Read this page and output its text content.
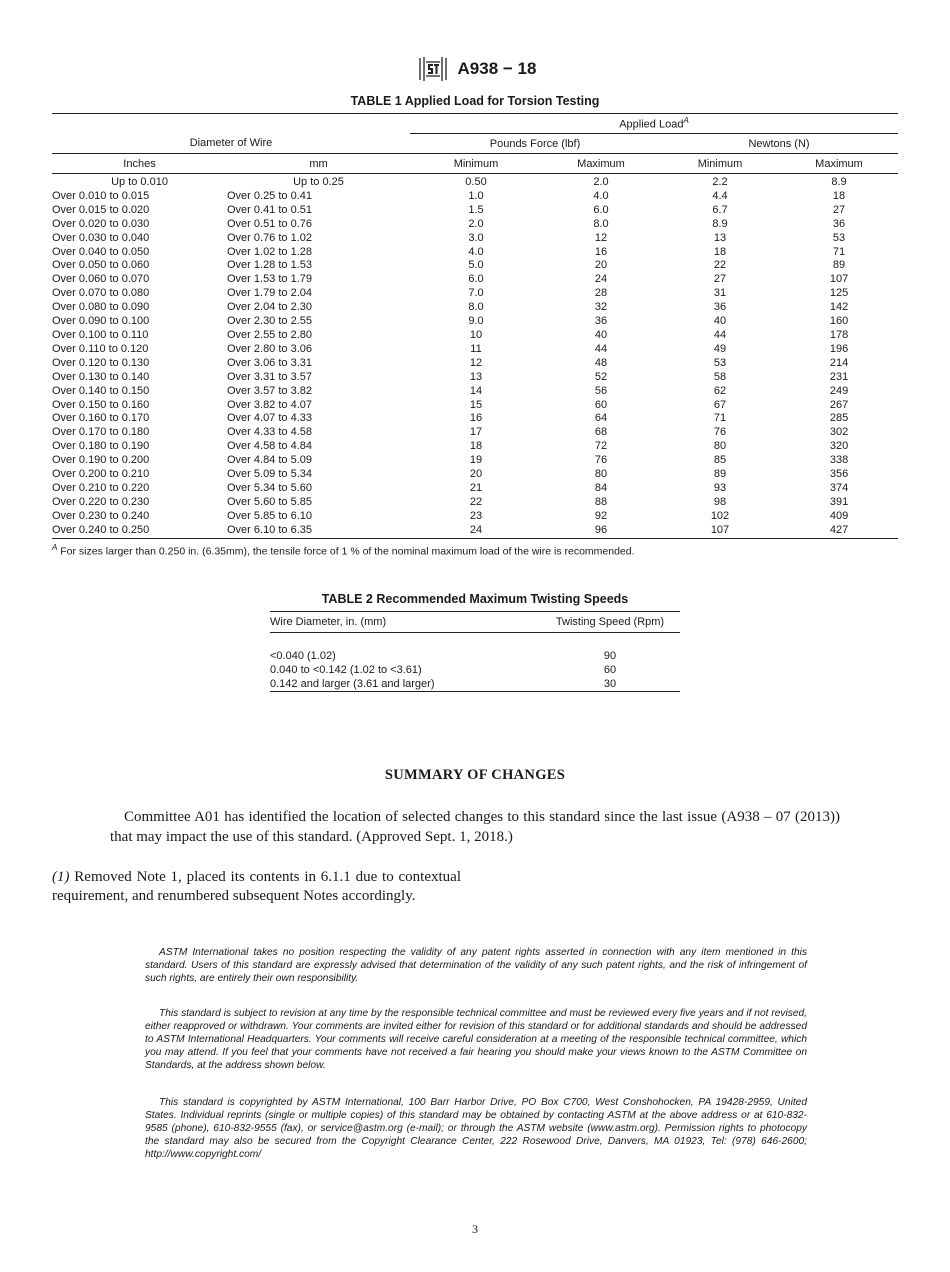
A938 − 18
TABLE 1 Applied Load for Torsion Testing
		Applied Load$^A$
Diameter of Wire		Pounds Force (lbf)		Newtons (N)	
Inches	mm	Minimum	Maximum	Minimum	Maximum
Up to 0.010	Up to 0.25	0.50	2.0	2.2	8.9
Over 0.010 to 0.015	Over 0.25 to 0.41	1.0	4.0	4.4	18
Over 0.015 to 0.020	Over 0.41 to 0.51	1.5	6.0	6.7	27
Over 0.020 to 0.030	Over 0.51 to 0.76	2.0	8.0	8.9	36
Over 0.030 to 0.040	Over 0.76 to 1.02	3.0	12	13	53
Over 0.040 to 0.050	Over 1.02 to 1.28	4.0	16	18	71
Over 0.050 to 0.060	Over 1.28 to 1.53	5.0	20	22	89
Over 0.060 to 0.070	Over 1.53 to 1.79	6.0	24	27	107
Over 0.070 to 0.080	Over 1.79 to 2.04	7.0	28	31	125
Over 0.080 to 0.090	Over 2.04 to 2.30	8.0	32	36	142
Over 0.090 to 0.100	Over 2.30 to 2.55	9.0	36	40	160
Over 0.100 to 0.110	Over 2.55 to 2.80	10	40	44	178
Over 0.110 to 0.120	Over 2.80 to 3.06	11	44	49	196
Over 0.120 to 0.130	Over 3.06 to 3.31	12	48	53	214
Over 0.130 to 0.140	Over 3.31 to 3.57	13	52	58	231
Over 0.140 to 0.150	Over 3.57 to 3.82	14	56	62	249
Over 0.150 to 0.160	Over 3.82 to 4.07	15	60	67	267
Over 0.160 to 0.170	Over 4.07 to 4.33	16	64	71	285
Over 0.170 to 0.180	Over 4.33 to 4.58	17	68	76	302
Over 0.180 to 0.190	Over 4.58 to 4.84	18	72	80	320
Over 0.190 to 0.200	Over 4.84 to 5.09	19	76	85	338
Over 0.200 to 0.210	Over 5.09 to 5.34	20	80	89	356
Over 0.210 to 0.220	Over 5.34 to 5.60	21	84	93	374
Over 0.220 to 0.230	Over 5.60 to 5.85	22	88	98	391
Over 0.230 to 0.240	Over 5.85 to 6.10	23	92	102	409
Over 0.240 to 0.250	Over 6.10 to 6.35	24	96	107	427
$^A$ For sizes larger than 0.250 in. (6.35mm), the tensile force of 1 % of the nominal maximum load of the wire is recommended.
TABLE 2 Recommended Maximum Twisting Speeds
Wire Diameter, in. (mm)	Twisting Speed (Rpm)

<0.040 (1.02)	90
0.040 to <0.142 (1.02 to <3.61)	60
0.142 and larger (3.61 and larger)	30
SUMMARY OF CHANGES
Committee A01 has identified the location of selected changes to this standard since the last issue (A938 – 07 (2013)) that may impact the use of this standard. (Approved Sept. 1, 2018.)
(1) Removed Note 1, placed its contents in 6.1.1 due to contextual requirement, and renumbered subsequent Notes accordingly.
ASTM International takes no position respecting the validity of any patent rights asserted in connection with any item mentioned in this standard. Users of this standard are expressly advised that determination of the validity of any such patent rights, and the risk of infringement of such rights, are entirely their own responsibility.
This standard is subject to revision at any time by the responsible technical committee and must be reviewed every five years and if not revised, either reapproved or withdrawn. Your comments are invited either for revision of this standard or for additional standards and should be addressed to ASTM International Headquarters. Your comments will receive careful consideration at a meeting of the responsible technical committee, which you may attend. If you feel that your comments have not received a fair hearing you should make your views known to the ASTM Committee on Standards, at the address shown below.
This standard is copyrighted by ASTM International, 100 Barr Harbor Drive, PO Box C700, West Conshohocken, PA 19428-2959, United States. Individual reprints (single or multiple copies) of this standard may be obtained by contacting ASTM at the above address or at 610-832-9585 (phone), 610-832-9555 (fax), or service@astm.org (e-mail); or through the ASTM website (www.astm.org). Permission rights to photocopy the standard may also be secured from the Copyright Clearance Center, 222 Rosewood Drive, Danvers, MA 01923, Tel: (978) 646-2600; http://www.copyright.com/
3
